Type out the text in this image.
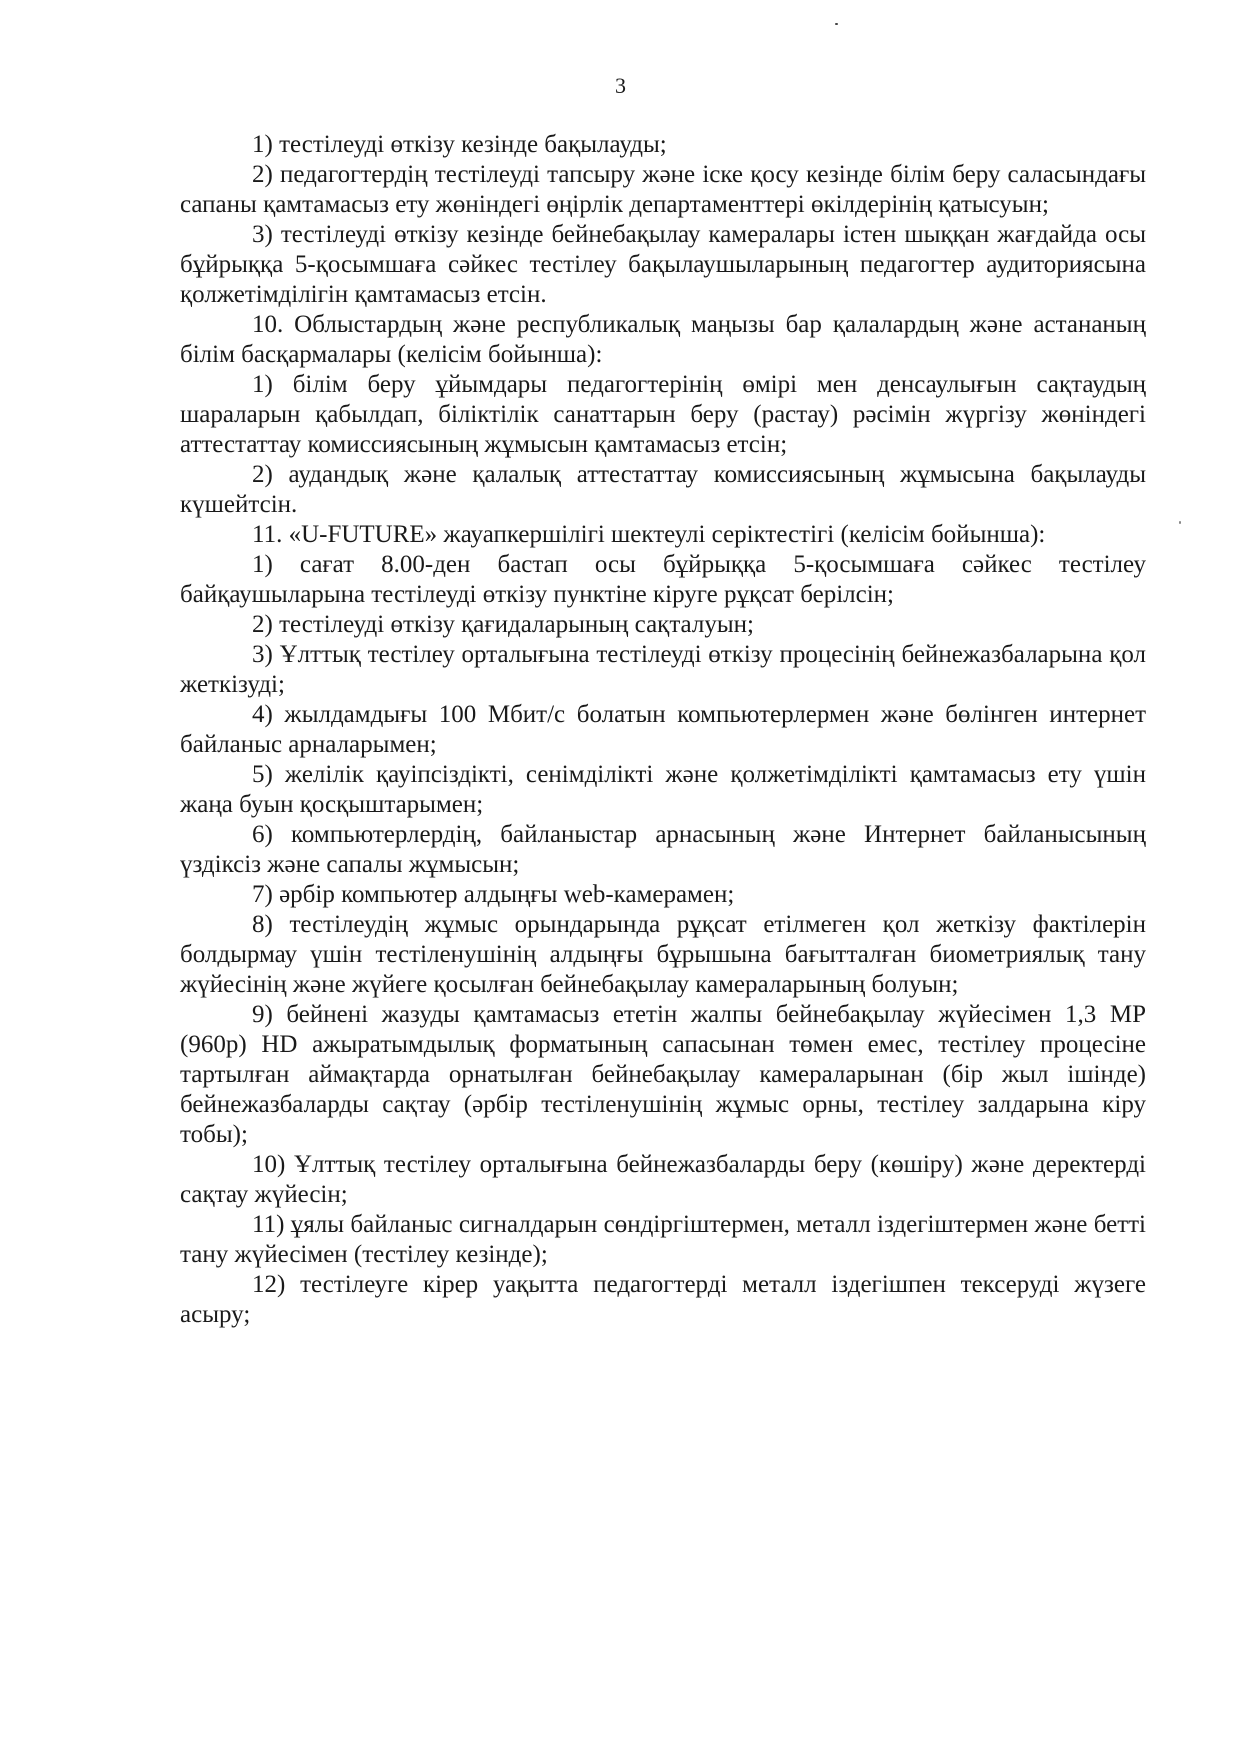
3

1) тестілеуді өткізу кезінде бақылауды;

2) педагогтердің тестілеуді тапсыру және іске қосу кезінде білім беру саласындағы сапаны қамтамасыз ету жөніндегі өңірлік департаменттері өкілдерінің қатысуын;

3) тестілеуді өткізу кезінде бейнебақылау камералары істен шыққан жағдайда осы бұйрыққа 5-қосымшаға сәйкес тестілеу бақылаушыларының педагогтер аудиториясына қолжетімділігін қамтамасыз етсін.

10. Облыстардың және республикалық маңызы бар қалалардың және астананың білім басқармалары (келісім бойынша):

1) білім беру ұйымдары педагогтерінің өмірі мен денсаулығын сақтаудың шараларын қабылдап, біліктілік санаттарын беру (растау) рәсімін жүргізу жөніндегі аттестаттау комиссиясының жұмысын қамтамасыз етсін;

2) аудандық және қалалық аттестаттау комиссиясының жұмысына бақылауды күшейтсін.

11. «U-FUTURE» жауапкершілігі шектеулі серіктестігі (келісім бойынша):

1) сағат 8.00-ден бастап осы бұйрыққа 5-қосымшаға сәйкес тестілеу байқаушыларына тестілеуді өткізу пунктіне кіруге рұқсат берілсін;

2) тестілеуді өткізу қағидаларының сақталуын;

3) Ұлттық тестілеу орталығына тестілеуді өткізу процесінің бейнежазбаларына қол жеткізуді;

4) жылдамдығы 100 Мбит/с болатын компьютерлермен және бөлінген интернет байланыс арналарымен;

5) желілік қауіпсіздікті, сенімділікті және қолжетімділікті қамтамасыз ету үшін жаңа буын қосқыштарымен;

6) компьютерлердің, байланыстар арнасының және Интернет байланысының үздіксіз және сапалы жұмысын;

7) әрбір компьютер алдыңғы web-камерамен;

8) тестілеудің жұмыс орындарында рұқсат етілмеген қол жеткізу фактілерін болдырмау үшін тестіленушінің алдыңғы бұрышына бағытталған биометриялық тану жүйесінің және жүйеге қосылған бейнебақылау камераларының болуын;

9) бейнені жазуды қамтамасыз ететін жалпы бейнебақылау жүйесімен 1,3 MP (960p) HD ажыратымдылық форматының сапасынан төмен емес, тестілеу процесіне тартылған аймақтарда орнатылған бейнебақылау камераларынан (бір жыл ішінде) бейнежазбаларды сақтау (әрбір тестіленушінің жұмыс орны, тестілеу залдарына кіру тобы);

10) Ұлттық тестілеу орталығына бейнежазбаларды беру (көшіру) және деректерді сақтау жүйесін;

11) ұялы байланыс сигналдарын сөндіргіштермен, металл іздегіштермен және бетті тану жүйесімен (тестілеу кезінде);

12) тестілеуге кірер уақытта педагогтерді металл іздегішпен тексеруді жүзеге асыру;
